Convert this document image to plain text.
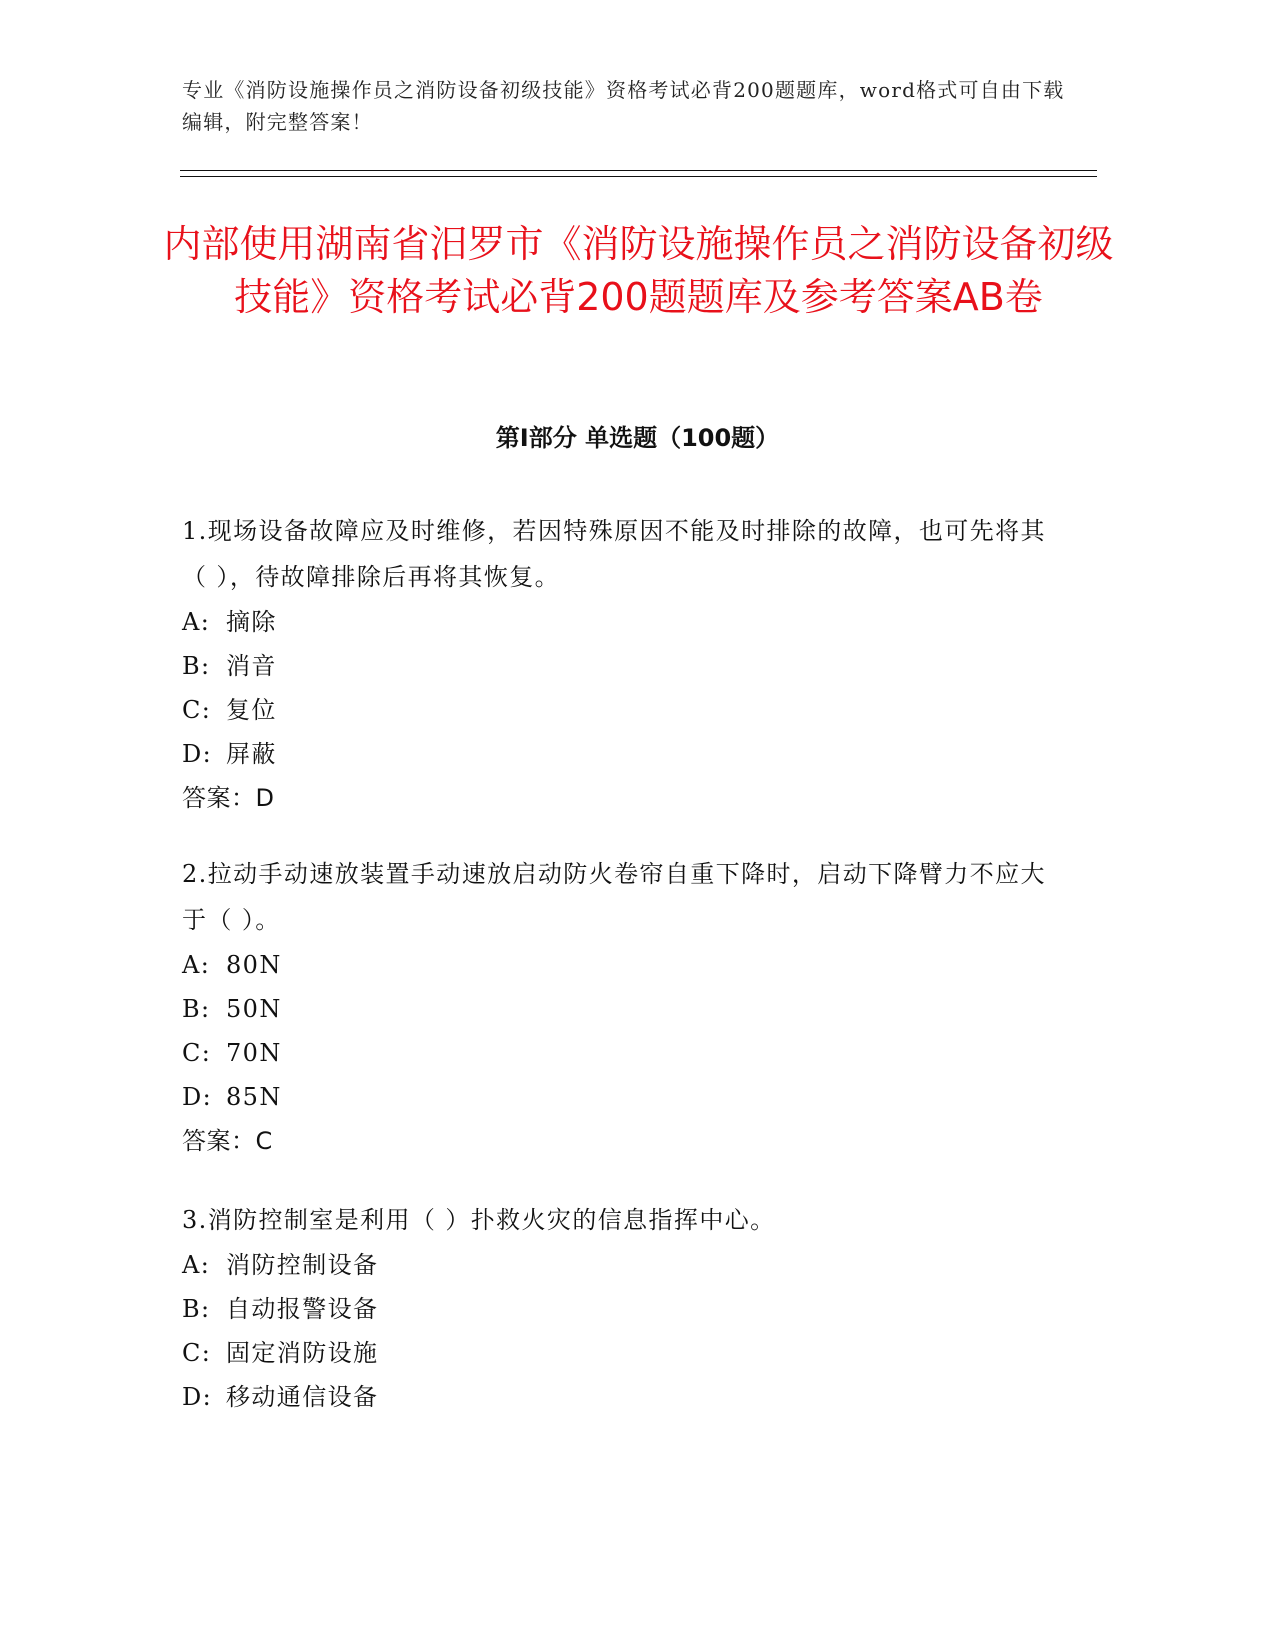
专业《消防设施操作员之消防设备初级技能》资格考试必背200题题库，word格式可自由下载编辑，附完整答案！

内部使用湖南省汨罗市《消防设施操作员之消防设备初级技能》资格考试必背200题题库及参考答案AB卷
第Ⅰ部分 单选题（100题）

1.现场设备故障应及时维修，若因特殊原因不能及时排除的故障，也可先将其（ ），待故障排除后再将其恢复。

A: 摘除
B: 消音
C: 复位
D: 屏蔽

答案：D

2.拉动手动速放装置手动速放启动防火卷帘自重下降时，启动下降臂力不应大于（ ）。

A: 80N
B: 50N
C: 70N
D: 85N

答案：C

3.消防控制室是利用（ ）扑救火灾的信息指挥中心。

A: 消防控制设备
B: 自动报警设备
C: 固定消防设施
D: 移动通信设备
